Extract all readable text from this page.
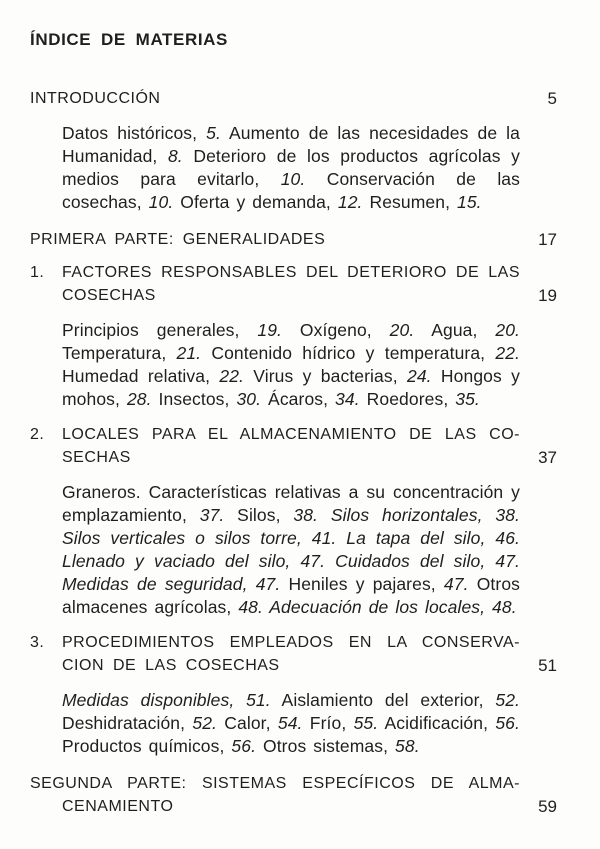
ÍNDICE DE MATERIAS
INTRODUCCIÓN	5

Datos históricos, 5. Aumento de las necesidades de la Humanidad, 8. Deterioro de los productos agrícolas y medios para evitarlo, 10. Conservación de las cosechas, 10. Oferta y demanda, 12. Resumen, 15.

PRIMERA PARTE: GENERALIDADES	17
1.	FACTORES RESPONSABLES DEL DETERIORO DE LAS
COSECHAS	19

Principios generales, 19. Oxígeno, 20. Agua, 20. Temperatura, 21. Contenido hídrico y temperatura, 22. Humedad relativa, 22. Virus y bacterias, 24. Hongos y mohos, 28. Insectos, 30. Ácaros, 34. Roedores, 35.

2.	LOCALES PARA EL ALMACENAMIENTO DE LAS CO-
SECHAS	37

Graneros. Características relativas a su concentración y emplazamiento, 37. Silos, 38. Silos horizontales, 38. Silos verticales o silos torre, 41. La tapa del silo, 46. Llenado y vaciado del silo, 47. Cuidados del silo, 47. Medidas de seguridad, 47. Heniles y pajares, 47. Otros almacenes agrícolas, 48. Adecuación de los locales, 48.

3.	PROCEDIMIENTOS EMPLEADOS EN LA CONSERVA-
CION DE LAS COSECHAS	51

Medidas disponibles, 51. Aislamiento del exterior, 52. Deshidratación, 52. Calor, 54. Frío, 55. Acidificación, 56. Productos químicos, 56. Otros sistemas, 58.

SEGUNDA PARTE: SISTEMAS ESPECÍFICOS DE ALMA-
CENAMIENTO	59
